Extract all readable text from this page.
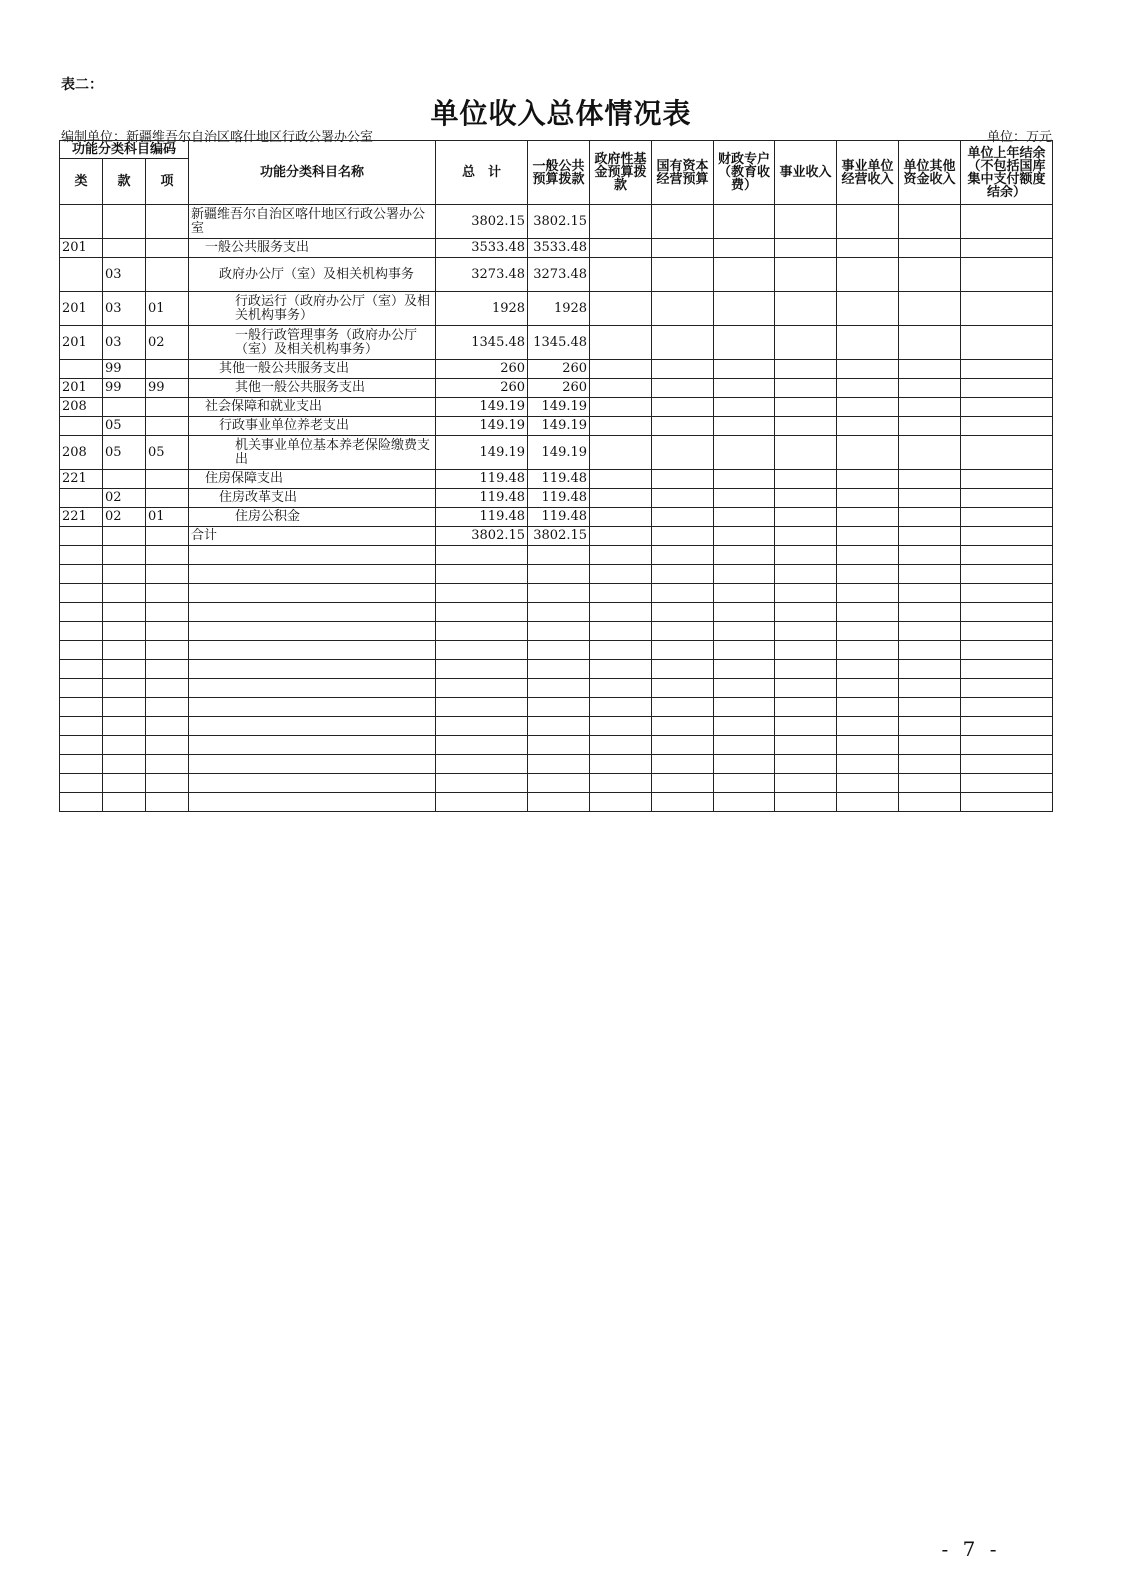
表二：
单位收入总体情况表
编制单位：新疆维吾尔自治区喀什地区行政公署办公室	单位：万元
功能分类科目编码			功能分类科目名称	总　计	一般公共预算拨款	政府性基金预算拨款	国有资本经营预算	财政专户（教育收费）	事业收入	事业单位经营收入	单位其他资金收入	单位上年结余（不包括国库集中支付额度结余）
类	款	项										
			新疆维吾尔自治区喀什地区行政公署办公室	3802.15	3802.15							
201			一般公共服务支出	3533.48	3533.48							
	03		政府办公厅（室）及相关机构事务	3273.48	3273.48							
201	03	01	行政运行（政府办公厅（室）及相关机构事务）	1928	1928							
201	03	02	一般行政管理事务（政府办公厅（室）及相关机构事务）	1345.48	1345.48							
	99		其他一般公共服务支出	260	260							
201	99	99	其他一般公共服务支出	260	260							
208			社会保障和就业支出	149.19	149.19							
	05		行政事业单位养老支出	149.19	149.19							
208	05	05	机关事业单位基本养老保险缴费支出	149.19	149.19							
221			住房保障支出	119.48	119.48							
	02		住房改革支出	119.48	119.48							
221	02	01	住房公积金	119.48	119.48							
			合计	3802.15	3802.15							

- 7 -
